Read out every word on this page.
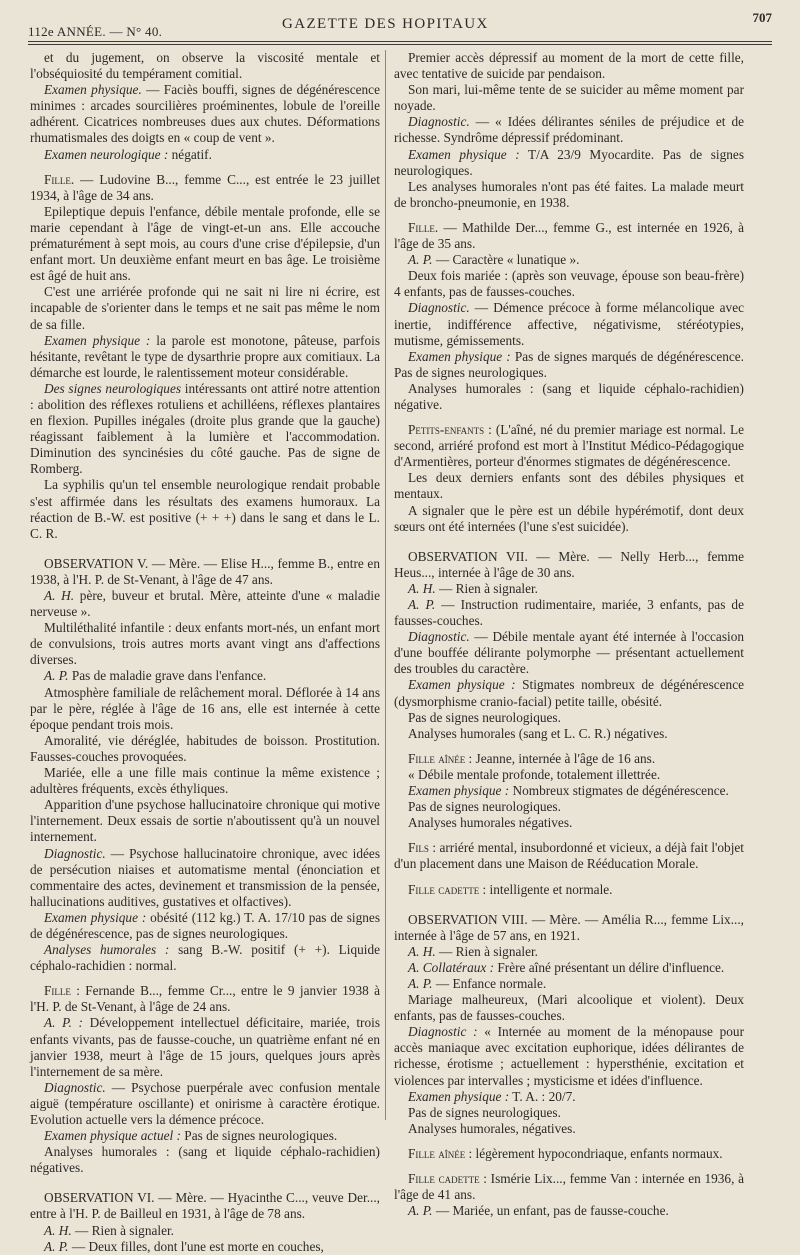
112e ANNÉE. — N° 40.	GAZETTE DES HOPITAUX	707

et du jugement, on observe la viscosité mentale et l'obséquiosité du tempérament comitial.

Examen physique. — Faciès bouffi, signes de dégénérescence minimes : arcades sourcilières proéminentes, lobule de l'oreille adhérent. Cicatrices nombreuses dues aux chutes. Déformations rhumatismales des doigts en « coup de vent ».

Examen neurologique : négatif.

Fille. — Ludovine B..., femme C..., est entrée le 23 juillet 1934, à l'âge de 34 ans.

Epileptique depuis l'enfance, débile mentale profonde, elle se marie cependant à l'âge de vingt-et-un ans. Elle accouche prématurément à sept mois, au cours d'une crise d'épilepsie, d'un enfant mort. Un deuxième enfant meurt en bas âge. Le troisième est âgé de huit ans.

C'est une arriérée profonde qui ne sait ni lire ni écrire, est incapable de s'orienter dans le temps et ne sait pas même le nom de sa fille.

Examen physique : la parole est monotone, pâteuse, parfois hésitante, revêtant le type de dysarthrie propre aux comitiaux. La démarche est lourde, le ralentissement moteur considérable.

Des signes neurologiques intéressants ont attiré notre attention : abolition des réflexes rotuliens et achilléens, réflexes plantaires en flexion. Pupilles inégales (droite plus grande que la gauche) réagissant faiblement à la lumière et l'accommodation. Diminution des syncinésies du côté gauche. Pas de signe de Romberg.

La syphilis qu'un tel ensemble neurologique rendait probable s'est affirmée dans les résultats des examens humoraux. La réaction de B.-W. est positive (+ + +) dans le sang et dans le L. C. R.

OBSERVATION V. — Mère. — Elise H..., femme B., entre en 1938, à l'H. P. de St-Venant, à l'âge de 47 ans.

A. H. père, buveur et brutal. Mère, atteinte d'une « maladie nerveuse ».

Multiléthalité infantile : deux enfants mort-nés, un enfant mort de convulsions, trois autres morts avant vingt ans d'affections diverses.

A. P. Pas de maladie grave dans l'enfance.

Atmosphère familiale de relâchement moral. Déflorée à 14 ans par le père, réglée à l'âge de 16 ans, elle est internée à cette époque pendant trois mois.

Amoralité, vie déréglée, habitudes de boisson. Prostitution. Fausses-couches provoquées.

Mariée, elle a une fille mais continue la même existence ; adultères fréquents, excès éthyliques.

Apparition d'une psychose hallucinatoire chronique qui motive l'internement. Deux essais de sortie n'aboutissent qu'à un nouvel internement.

Diagnostic. — Psychose hallucinatoire chronique, avec idées de persécution niaises et automatisme mental (énonciation et commentaire des actes, devinement et transmission de la pensée, hallucinations auditives, gustatives et olfactives).

Examen physique : obésité (112 kg.) T. A. 17/10 pas de signes de dégénérescence, pas de signes neurologiques.

Analyses humorales : sang B.-W. positif (+ +). Liquide céphalo-rachidien : normal.

Fille : Fernande B..., femme Cr..., entre le 9 janvier 1938 à l'H. P. de St-Venant, à l'âge de 24 ans.

A. P. : Développement intellectuel déficitaire, mariée, trois enfants vivants, pas de fausse-couche, un quatrième enfant né en janvier 1938, meurt à l'âge de 15 jours, quelques jours après l'internement de sa mère.

Diagnostic. — Psychose puerpérale avec confusion mentale aiguë (température oscillante) et onirisme à caractère érotique. Evolution actuelle vers la démence précoce.

Examen physique actuel : Pas de signes neurologiques.

Analyses humorales : (sang et liquide céphalo-rachidien) négatives.

OBSERVATION VI. — Mère. — Hyacinthe C..., veuve Der..., entre à l'H. P. de Bailleul en 1931, à l'âge de 78 ans.

A. H. — Rien à signaler.

A. P. — Deux filles, dont l'une est morte en couches,

Premier accès dépressif au moment de la mort de cette fille, avec tentative de suicide par pendaison.

Son mari, lui-même tente de se suicider au même moment par noyade.

Diagnostic. — « Idées délirantes séniles de préjudice et de richesse. Syndrôme dépressif prédominant.

Examen physique : T/A 23/9 Myocardite. Pas de signes neurologiques.

Les analyses humorales n'ont pas été faites. La malade meurt de broncho-pneumonie, en 1938.

Fille. — Mathilde Der..., femme G., est internée en 1926, à l'âge de 35 ans.

A. P. — Caractère « lunatique ».

Deux fois mariée : (après son veuvage, épouse son beau-frère) 4 enfants, pas de fausses-couches.

Diagnostic. — Démence précoce à forme mélancolique avec inertie, indifférence affective, négativisme, stéréotypies, mutisme, gémissements.

Examen physique : Pas de signes marqués de dégénérescence. Pas de signes neurologiques.

Analyses humorales : (sang et liquide céphalo-rachidien) négative.

Petits-enfants : (L'aîné, né du premier mariage est normal. Le second, arriéré profond est mort à l'Institut Médico-Pédagogique d'Armentières, porteur d'énormes stigmates de dégénérescence.

Les deux derniers enfants sont des débiles physiques et mentaux.

A signaler que le père est un débile hypérémotif, dont deux sœurs ont été internées (l'une s'est suicidée).

OBSERVATION VII. — Mère. — Nelly Herb..., femme Heus..., internée à l'âge de 30 ans.

A. H. — Rien à signaler.

A. P. — Instruction rudimentaire, mariée, 3 enfants, pas de fausses-couches.

Diagnostic. — Débile mentale ayant été internée à l'occasion d'une bouffée délirante polymorphe — présentant actuellement des troubles du caractère.

Examen physique : Stigmates nombreux de dégénérescence (dysmorphisme cranio-facial) petite taille, obésité.

Pas de signes neurologiques.

Analyses humorales (sang et L. C. R.) négatives.

Fille aînée : Jeanne, internée à l'âge de 16 ans.

« Débile mentale profonde, totalement illettrée.

Examen physique : Nombreux stigmates de dégénérescence.

Pas de signes neurologiques.

Analyses humorales négatives.

Fils : arriéré mental, insubordonné et vicieux, a déjà fait l'objet d'un placement dans une Maison de Rééducation Morale.

Fille cadette : intelligente et normale.

OBSERVATION VIII. — Mère. — Amélia R..., femme Lix..., internée à l'âge de 57 ans, en 1921.

A. H. — Rien à signaler.

A. Collatéraux : Frère aîné présentant un délire d'influence.

A. P. — Enfance normale.

Mariage malheureux, (Mari alcoolique et violent). Deux enfants, pas de fausses-couches.

Diagnostic : « Internée au moment de la ménopause pour accès maniaque avec excitation euphorique, idées délirantes de richesse, érotisme ; actuellement : hypersthénie, excitation et violences par intervalles ; mysticisme et idées d'influence.

Examen physique : T. A. : 20/7.

Pas de signes neurologiques.

Analyses humorales, négatives.

Fille aînée : légèrement hypocondriaque, enfants normaux.

Fille cadette : Ismérie Lix..., femme Van : internée en 1936, à l'âge de 41 ans.

A. P. — Mariée, un enfant, pas de fausse-couche.
